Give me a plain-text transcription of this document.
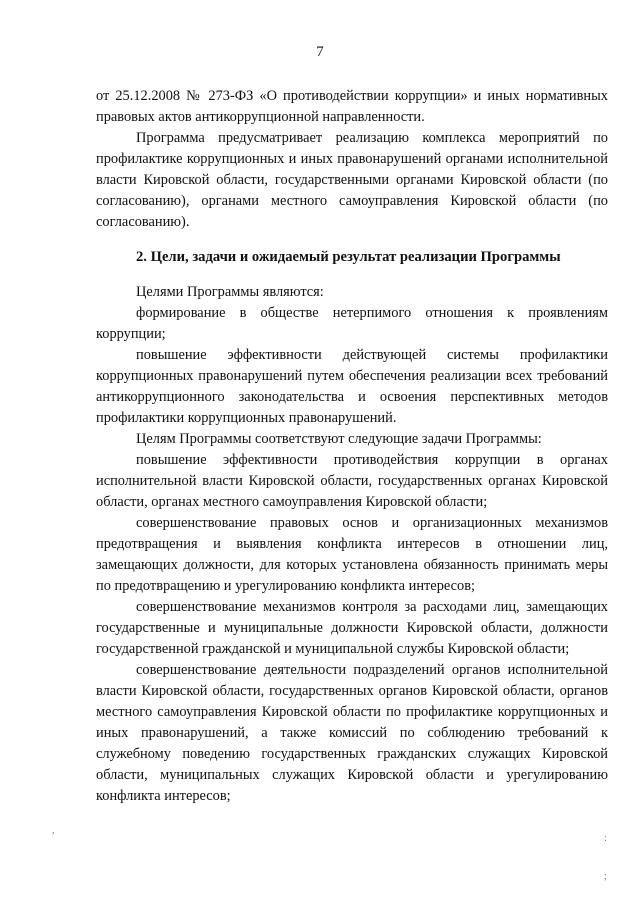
7

от 25.12.2008 № 273-ФЗ «О противодействии коррупции» и иных нормативных правовых актов антикоррупционной направленности.

Программа предусматривает реализацию комплекса мероприятий по профилактике коррупционных и иных правонарушений органами исполнительной власти Кировской области, государственными органами Кировской области (по согласованию), органами местного самоуправления Кировской области (по согласованию).

2. Цели, задачи и ожидаемый результат реализации Программы

Целями Программы являются:

формирование в обществе нетерпимого отношения к проявлениям коррупции;

повышение эффективности действующей системы профилактики коррупционных правонарушений путем обеспечения реализации всех требований антикоррупционного законодательства и освоения перспективных методов профилактики коррупционных правонарушений.

Целям Программы соответствуют следующие задачи Программы:

повышение эффективности противодействия коррупции в органах исполнительной власти Кировской области, государственных органах Кировской области, органах местного самоуправления Кировской области;

совершенствование правовых основ и организационных механизмов предотвращения и выявления конфликта интересов в отношении лиц, замещающих должности, для которых установлена обязанность принимать меры по предотвращению и урегулированию конфликта интересов;

совершенствование механизмов контроля за расходами лиц, замещающих государственные и муниципальные должности Кировской области, должности государственной гражданской и муниципальной службы Кировской области;

совершенствование деятельности подразделений органов исполнительной власти Кировской области, государственных органов Кировской области, органов местного самоуправления Кировской области по профилактике коррупционных и иных правонарушений, а также комиссий по соблюдению требований к служебному поведению государственных гражданских служащих Кировской области, муниципальных служащих Кировской области и урегулированию конфликта интересов;

,
:
;
